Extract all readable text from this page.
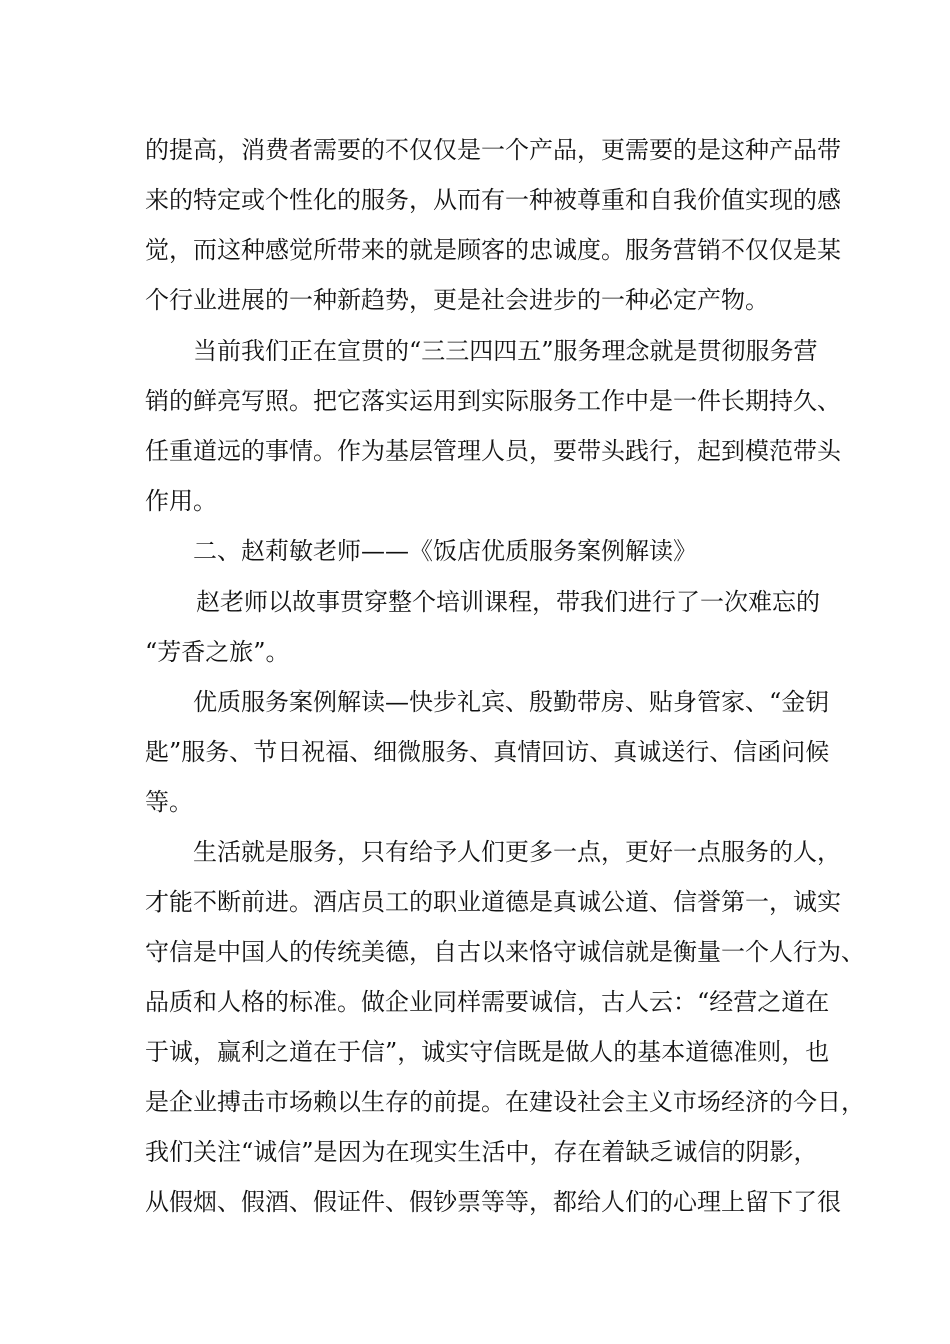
的提高，消费者需要的不仅仅是一个产品，更需要的是这种产品带
来的特定或个性化的服务，从而有一种被尊重和自我价值实现的感
觉，而这种感觉所带来的就是顾客的忠诚度。服务营销不仅仅是某
个行业进展的一种新趋势，更是社会进步的一种必定产物。
当前我们正在宣贯的“三三四四五”服务理念就是贯彻服务营
销的鲜亮写照。把它落实运用到实际服务工作中是一件长期持久、
任重道远的事情。作为基层管理人员，要带头践行，起到模范带头
作用。
二、赵莉敏老师——《饭店优质服务案例解读》
赵老师以故事贯穿整个培训课程，带我们进行了一次难忘的
“芳香之旅”。
优质服务案例解读—快步礼宾、殷勤带房、贴身管家、“金钥
匙”服务、节日祝福、细微服务、真情回访、真诚送行、信函问候
等。
生活就是服务，只有给予人们更多一点，更好一点服务的人，
才能不断前进。酒店员工的职业道德是真诚公道、信誉第一，诚实
守信是中国人的传统美德，自古以来恪守诚信就是衡量一个人行为、
品质和人格的标准。做企业同样需要诚信，古人云：“经营之道在
于诚，赢利之道在于信”，诚实守信既是做人的基本道德准则，也
是企业搏击市场赖以生存的前提。在建设社会主义市场经济的今日，
我们关注“诚信”是因为在现实生活中，存在着缺乏诚信的阴影，
从假烟、假酒、假证件、假钞票等等，都给人们的心理上留下了很
